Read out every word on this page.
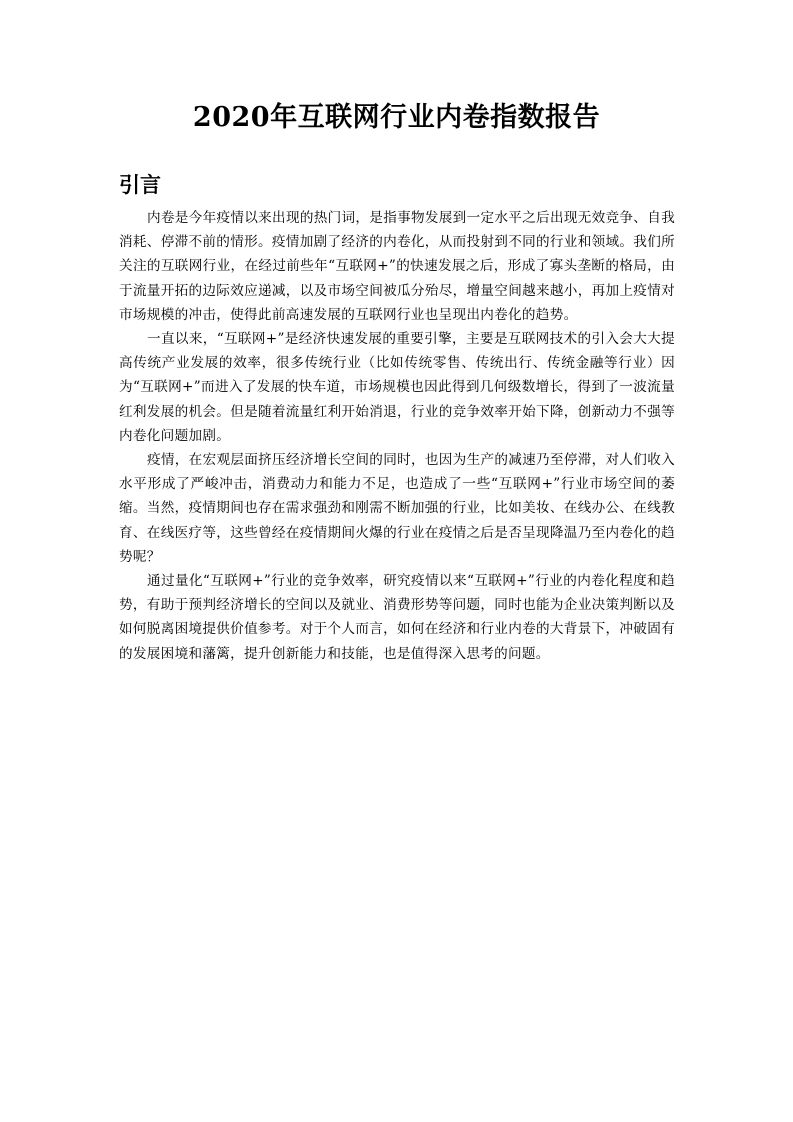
2020年互联网行业内卷指数报告
引言

内卷是今年疫情以来出现的热门词，是指事物发展到一定水平之后出现无效竞争、自我消耗、停滞不前的情形。疫情加剧了经济的内卷化，从而投射到不同的行业和领域。我们所关注的互联网行业，在经过前些年“互联网+”的快速发展之后，形成了寡头垄断的格局，由于流量开拓的边际效应递减，以及市场空间被瓜分殆尽，增量空间越来越小，再加上疫情对市场规模的冲击，使得此前高速发展的互联网行业也呈现出内卷化的趋势。

一直以来，“互联网+”是经济快速发展的重要引擎，主要是互联网技术的引入会大大提高传统产业发展的效率，很多传统行业（比如传统零售、传统出行、传统金融等行业）因为“互联网+”而进入了发展的快车道，市场规模也因此得到几何级数增长，得到了一波流量红利发展的机会。但是随着流量红利开始消退，行业的竞争效率开始下降，创新动力不强等内卷化问题加剧。

疫情，在宏观层面挤压经济增长空间的同时，也因为生产的减速乃至停滞，对人们收入水平形成了严峻冲击，消费动力和能力不足，也造成了一些“互联网+”行业市场空间的萎缩。当然，疫情期间也存在需求强劲和刚需不断加强的行业，比如美妆、在线办公、在线教育、在线医疗等，这些曾经在疫情期间火爆的行业在疫情之后是否呈现降温乃至内卷化的趋势呢？

通过量化“互联网+”行业的竞争效率，研究疫情以来“互联网+”行业的内卷化程度和趋势，有助于预判经济增长的空间以及就业、消费形势等问题，同时也能为企业决策判断以及如何脱离困境提供价值参考。对于个人而言，如何在经济和行业内卷的大背景下，冲破固有的发展困境和藩篱，提升创新能力和技能，也是值得深入思考的问题。
